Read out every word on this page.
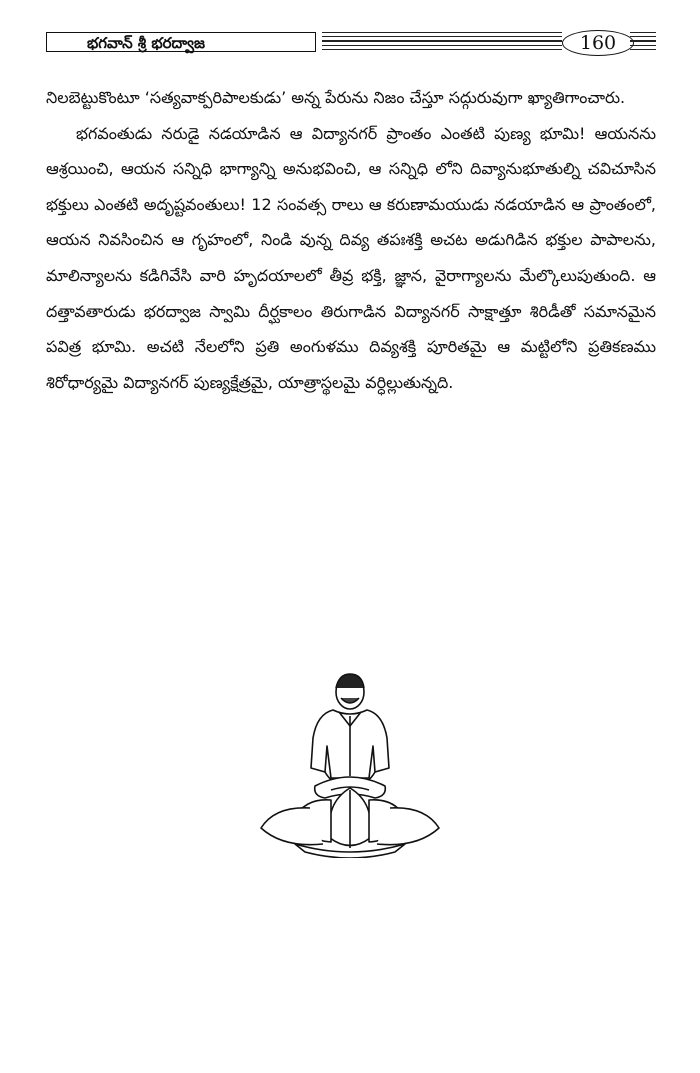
భగవాన్ శ్రీ భరద్వాజ	160

నిలబెట్టుకొంటూ ‘సత్యవాక్పరిపాలకుడు’ అన్న పేరును నిజం చేస్తూ సద్గురువుగా ఖ్యాతిగాంచారు.

భగవంతుడు నరుడై నడయాడిన ఆ విద్యానగర్ ప్రాంతం ఎంతటి పుణ్య భూమి! ఆయనను ఆశ్రయించి, ఆయన సన్నిధి భాగ్యాన్ని అనుభవించి, ఆ సన్నిధి లోని దివ్యానుభూతుల్ని చవిచూసిన భక్తులు ఎంతటి అదృష్టవంతులు! 12 సంవత్స రాలు ఆ కరుణామయుడు నడయాడిన ఆ ప్రాంతంలో, ఆయన నివసించిన ఆ గృహంలో, నిండి వున్న దివ్య తపఃశక్తి అచట అడుగిడిన భక్తుల పాపాలను, మాలిన్యాలను కడిగివేసి వారి హృదయాలలో తీవ్ర భక్తి, జ్ఞాన, వైరాగ్యాలను మేల్కొలుపుతుంది. ఆ దత్తావతారుడు భరద్వాజ స్వామి దీర్ఘకాలం తిరుగాడిన విద్యానగర్ సాక్షాత్తూ శిరిడీతో సమానమైన పవిత్ర భూమి. అచటి నేలలోని ప్రతి అంగుళము దివ్యశక్తి పూరితమై ఆ మట్టిలోని ప్రతికణము శిరోధార్యమై విద్యానగర్ పుణ్యక్షేత్రమై, యాత్రాస్థలమై వర్ధిల్లుతున్నది.
